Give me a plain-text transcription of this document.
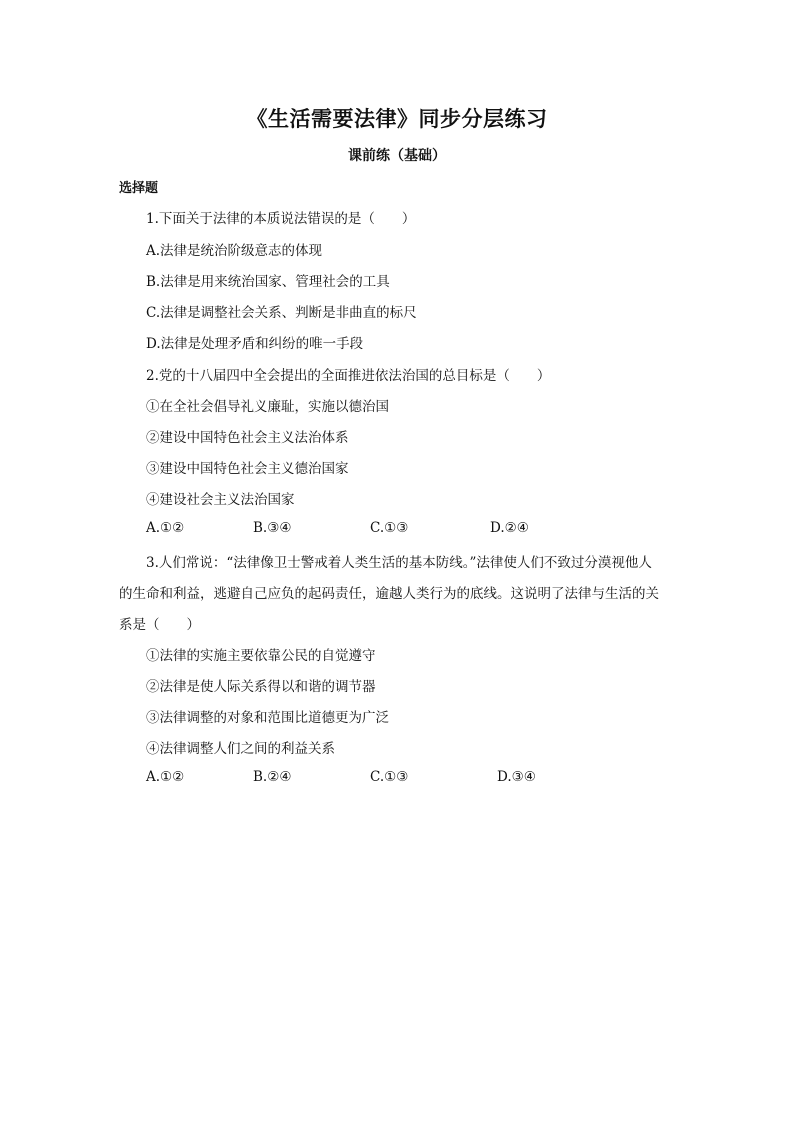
《生活需要法律》同步分层练习
课前练（基础）
选择题
1.下面关于法律的本质说法错误的是（　　）
A.法律是统治阶级意志的体现
B.法律是用来统治国家、管理社会的工具
C.法律是调整社会关系、判断是非曲直的标尺
D.法律是处理矛盾和纠纷的唯一手段
2.党的十八届四中全会提出的全面推进依法治国的总目标是（　　）
①在全社会倡导礼义廉耻，实施以德治国
②建设中国特色社会主义法治体系
③建设中国特色社会主义德治国家
④建设社会主义法治国家
A.①②	B.③④	C.①③	D.②④
3.人们常说：“法律像卫士警戒着人类生活的基本防线。”法律使人们不致过分漠视他人
的生命和利益，逃避自己应负的起码责任，逾越人类行为的底线。这说明了法律与生活的关
系是（　　）
①法律的实施主要依靠公民的自觉遵守
②法律是使人际关系得以和谐的调节器
③法律调整的对象和范围比道德更为广泛
④法律调整人们之间的利益关系
A.①②	B.②④	C.①③	D.③④
